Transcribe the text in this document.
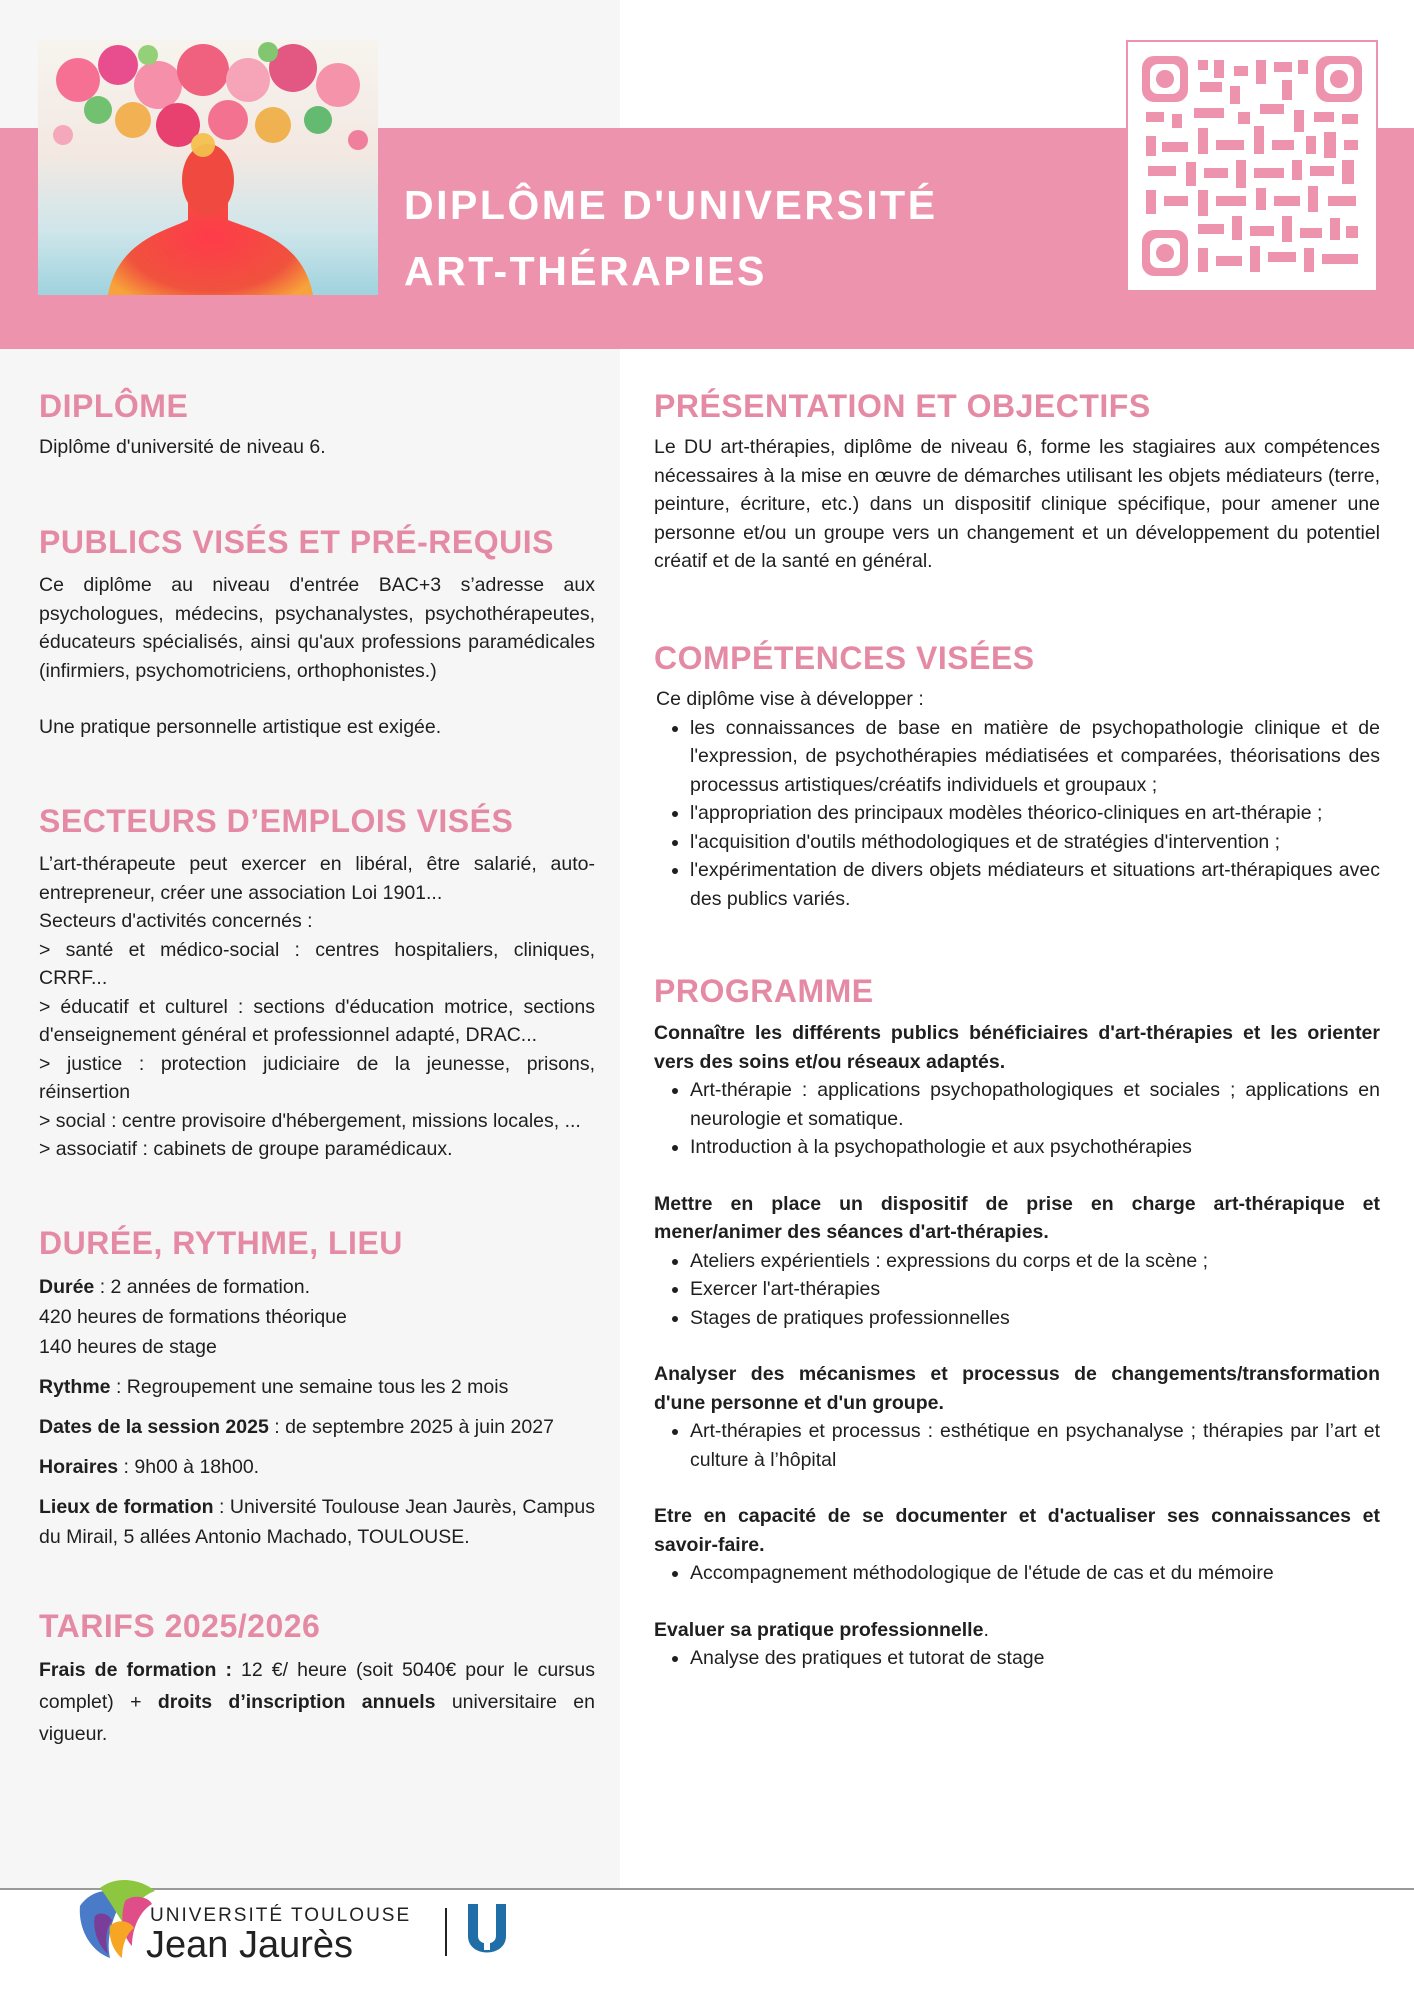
DIPLÔME D'UNIVERSITÉ
ART-THÉRAPIES
DIPLÔME

Diplôme d'université de niveau 6.

PUBLICS VISÉS ET PRÉ-REQUIS

Ce diplôme au niveau d'entrée BAC+3 s’adresse aux psychologues, médecins, psychanalystes, psychothérapeutes, éducateurs spécialisés, ainsi qu'aux professions paramédicales (infirmiers, psychomotriciens, orthophonistes.)

Une pratique personnelle artistique est exigée.

SECTEURS D’EMPLOIS VISÉS

L’art-thérapeute peut exercer en libéral, être salarié, auto-entrepreneur, créer une association Loi 1901...

Secteurs d'activités concernés :

> santé et médico-social : centres hospitaliers, cliniques, CRRF...

> éducatif et culturel : sections d'éducation motrice, sections d'enseignement général et professionnel adapté, DRAC...

> justice : protection judiciaire de la jeunesse, prisons, réinsertion

> social : centre provisoire d'hébergement, missions locales, ...

> associatif : cabinets de groupe paramédicaux.

DURÉE, RYTHME, LIEU

Durée : 2 années de formation.

420 heures de formations théorique

140 heures de stage

Rythme : Regroupement une semaine tous les 2 mois

Dates de la session 2025 : de septembre 2025 à juin 2027

Horaires : 9h00 à 18h00.

Lieux de formation : Université Toulouse Jean Jaurès, Campus du Mirail, 5 allées Antonio Machado, TOULOUSE.

TARIFS 2025/2026

Frais de formation : 12 €/ heure (soit 5040€ pour le cursus complet) + droits d’inscription annuels universitaire en vigueur.

PRÉSENTATION ET OBJECTIFS

Le DU art-thérapies, diplôme de niveau 6, forme les stagiaires aux compétences nécessaires à la mise en œuvre de démarches utilisant les objets médiateurs (terre, peinture, écriture, etc.) dans un dispositif clinique spécifique, pour amener une personne et/ou un groupe vers un changement et un développement du potentiel créatif et de la santé en général.

COMPÉTENCES VISÉES

Ce diplôme vise à développer :

• les connaissances de base en matière de psychopathologie clinique et de l'expression, de psychothérapies médiatisées et comparées, théorisations des processus artistiques/créatifs individuels et groupaux ;
• l'appropriation des principaux modèles théorico-cliniques en art-thérapie ;
• l'acquisition d'outils méthodologiques et de stratégies d'intervention ;
• l'expérimentation de divers objets médiateurs et situations art-thérapiques avec des publics variés.
PROGRAMME

Connaître les différents publics bénéficiaires d'art-thérapies et les orienter vers des soins et/ou réseaux adaptés.

• Art-thérapie : applications psychopathologiques et sociales ; applications en neurologie et somatique.
• Introduction à la psychopathologie et aux psychothérapies

Mettre en place un dispositif de prise en charge art-thérapique et mener/animer des séances d'art-thérapies.

• Ateliers expérientiels : expressions du corps et de la scène ;
• Exercer l'art-thérapies
• Stages de pratiques professionnelles

Analyser des mécanismes et processus de changements/transformation d'une personne et d'un groupe.

• Art-thérapies et processus : esthétique en psychanalyse ; thérapies par l’art et culture à l’hôpital

Etre en capacité de se documenter et d'actualiser ses connaissances et savoir-faire.

• Accompagnement méthodologique de l'étude de cas et du mémoire

Evaluer sa pratique professionnelle.

• Analyse des pratiques et tutorat de stage
UNIVERSITÉ TOULOUSE
Jean Jaurès
